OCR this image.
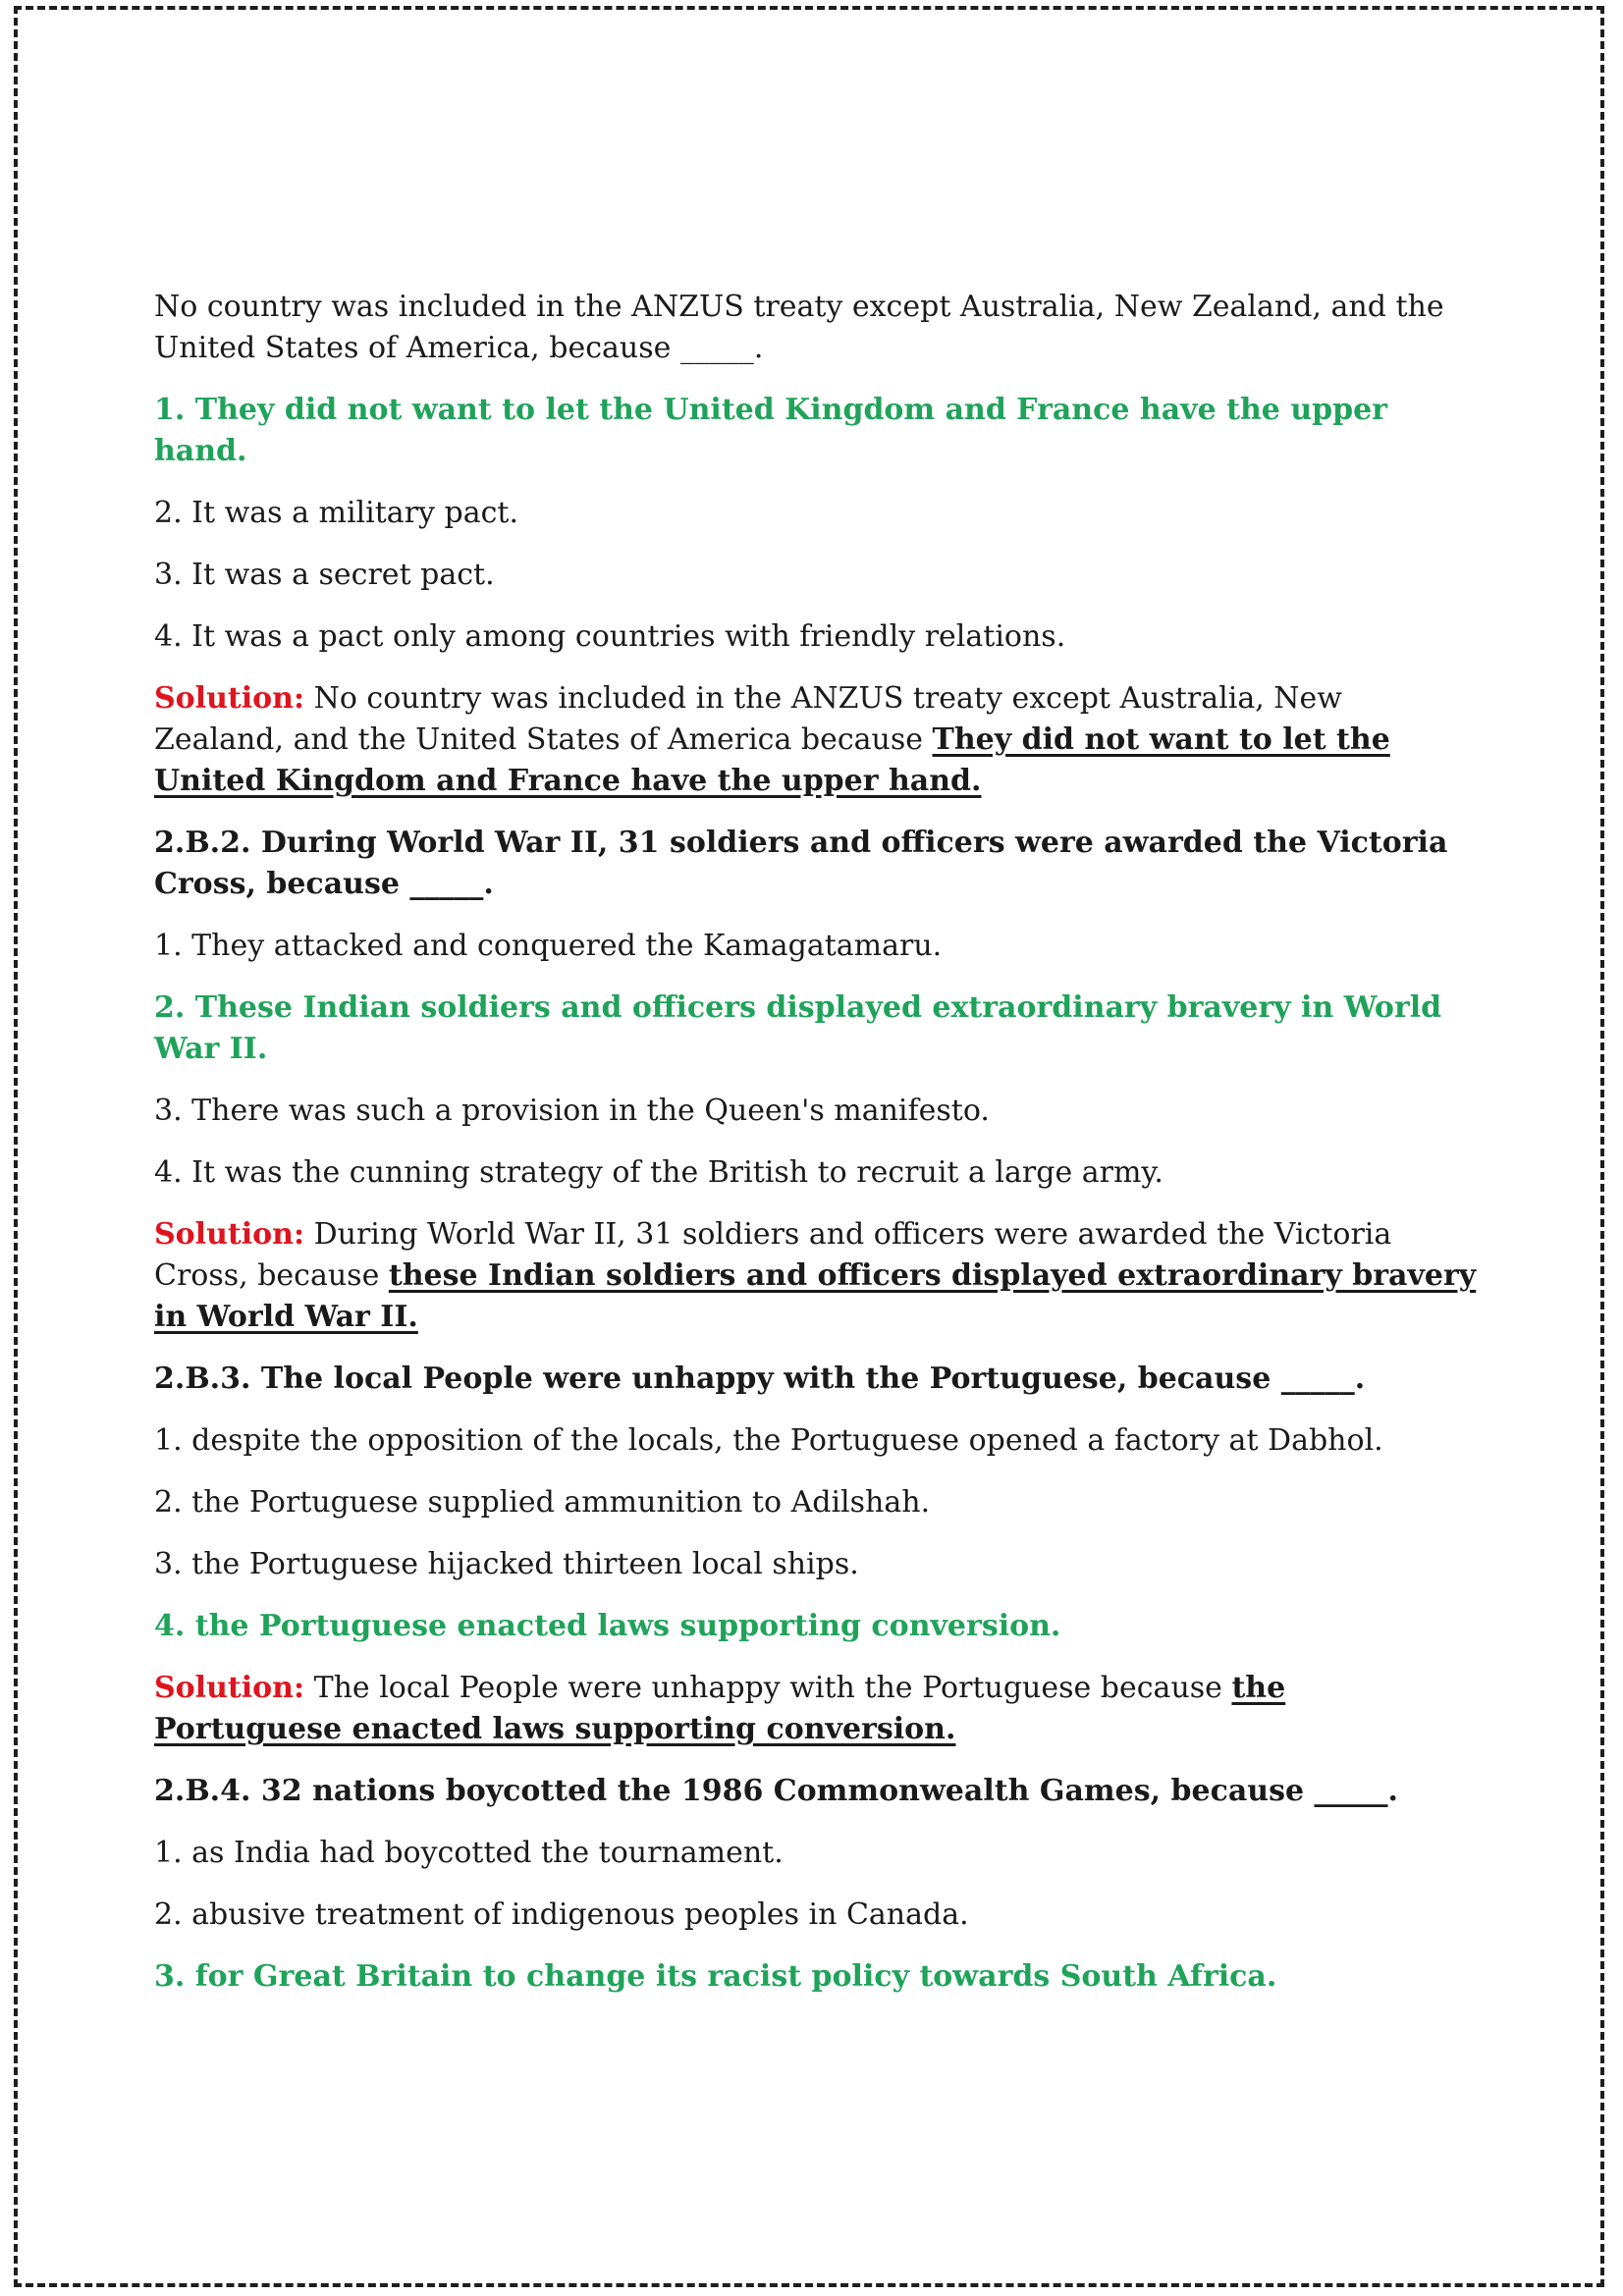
No country was included in the ANZUS treaty except Australia, New Zealand, and the United States of America, because _____.

1. They did not want to let the United Kingdom and France have the upper hand.

2. It was a military pact.

3. It was a secret pact.

4. It was a pact only among countries with friendly relations.

Solution: No country was included in the ANZUS treaty except Australia, New Zealand, and the United States of America because They did not want to let the United Kingdom and France have the upper hand.

2.B.2. During World War II, 31 soldiers and officers were awarded the Victoria Cross, because _____.

1. They attacked and conquered the Kamagatamaru.

2. These Indian soldiers and officers displayed extraordinary bravery in World War II.

3. There was such a provision in the Queen's manifesto.

4. It was the cunning strategy of the British to recruit a large army.

Solution: During World War II, 31 soldiers and officers were awarded the Victoria Cross, because these Indian soldiers and officers displayed extraordinary bravery in World War II.

2.B.3. The local People were unhappy with the Portuguese, because _____.

1. despite the opposition of the locals, the Portuguese opened a factory at Dabhol.

2. the Portuguese supplied ammunition to Adilshah.

3. the Portuguese hijacked thirteen local ships.

4. the Portuguese enacted laws supporting conversion.

Solution: The local People were unhappy with the Portuguese because the Portuguese enacted laws supporting conversion.

2.B.4. 32 nations boycotted the 1986 Commonwealth Games, because _____.

1. as India had boycotted the tournament.

2. abusive treatment of indigenous peoples in Canada.

3. for Great Britain to change its racist policy towards South Africa.
